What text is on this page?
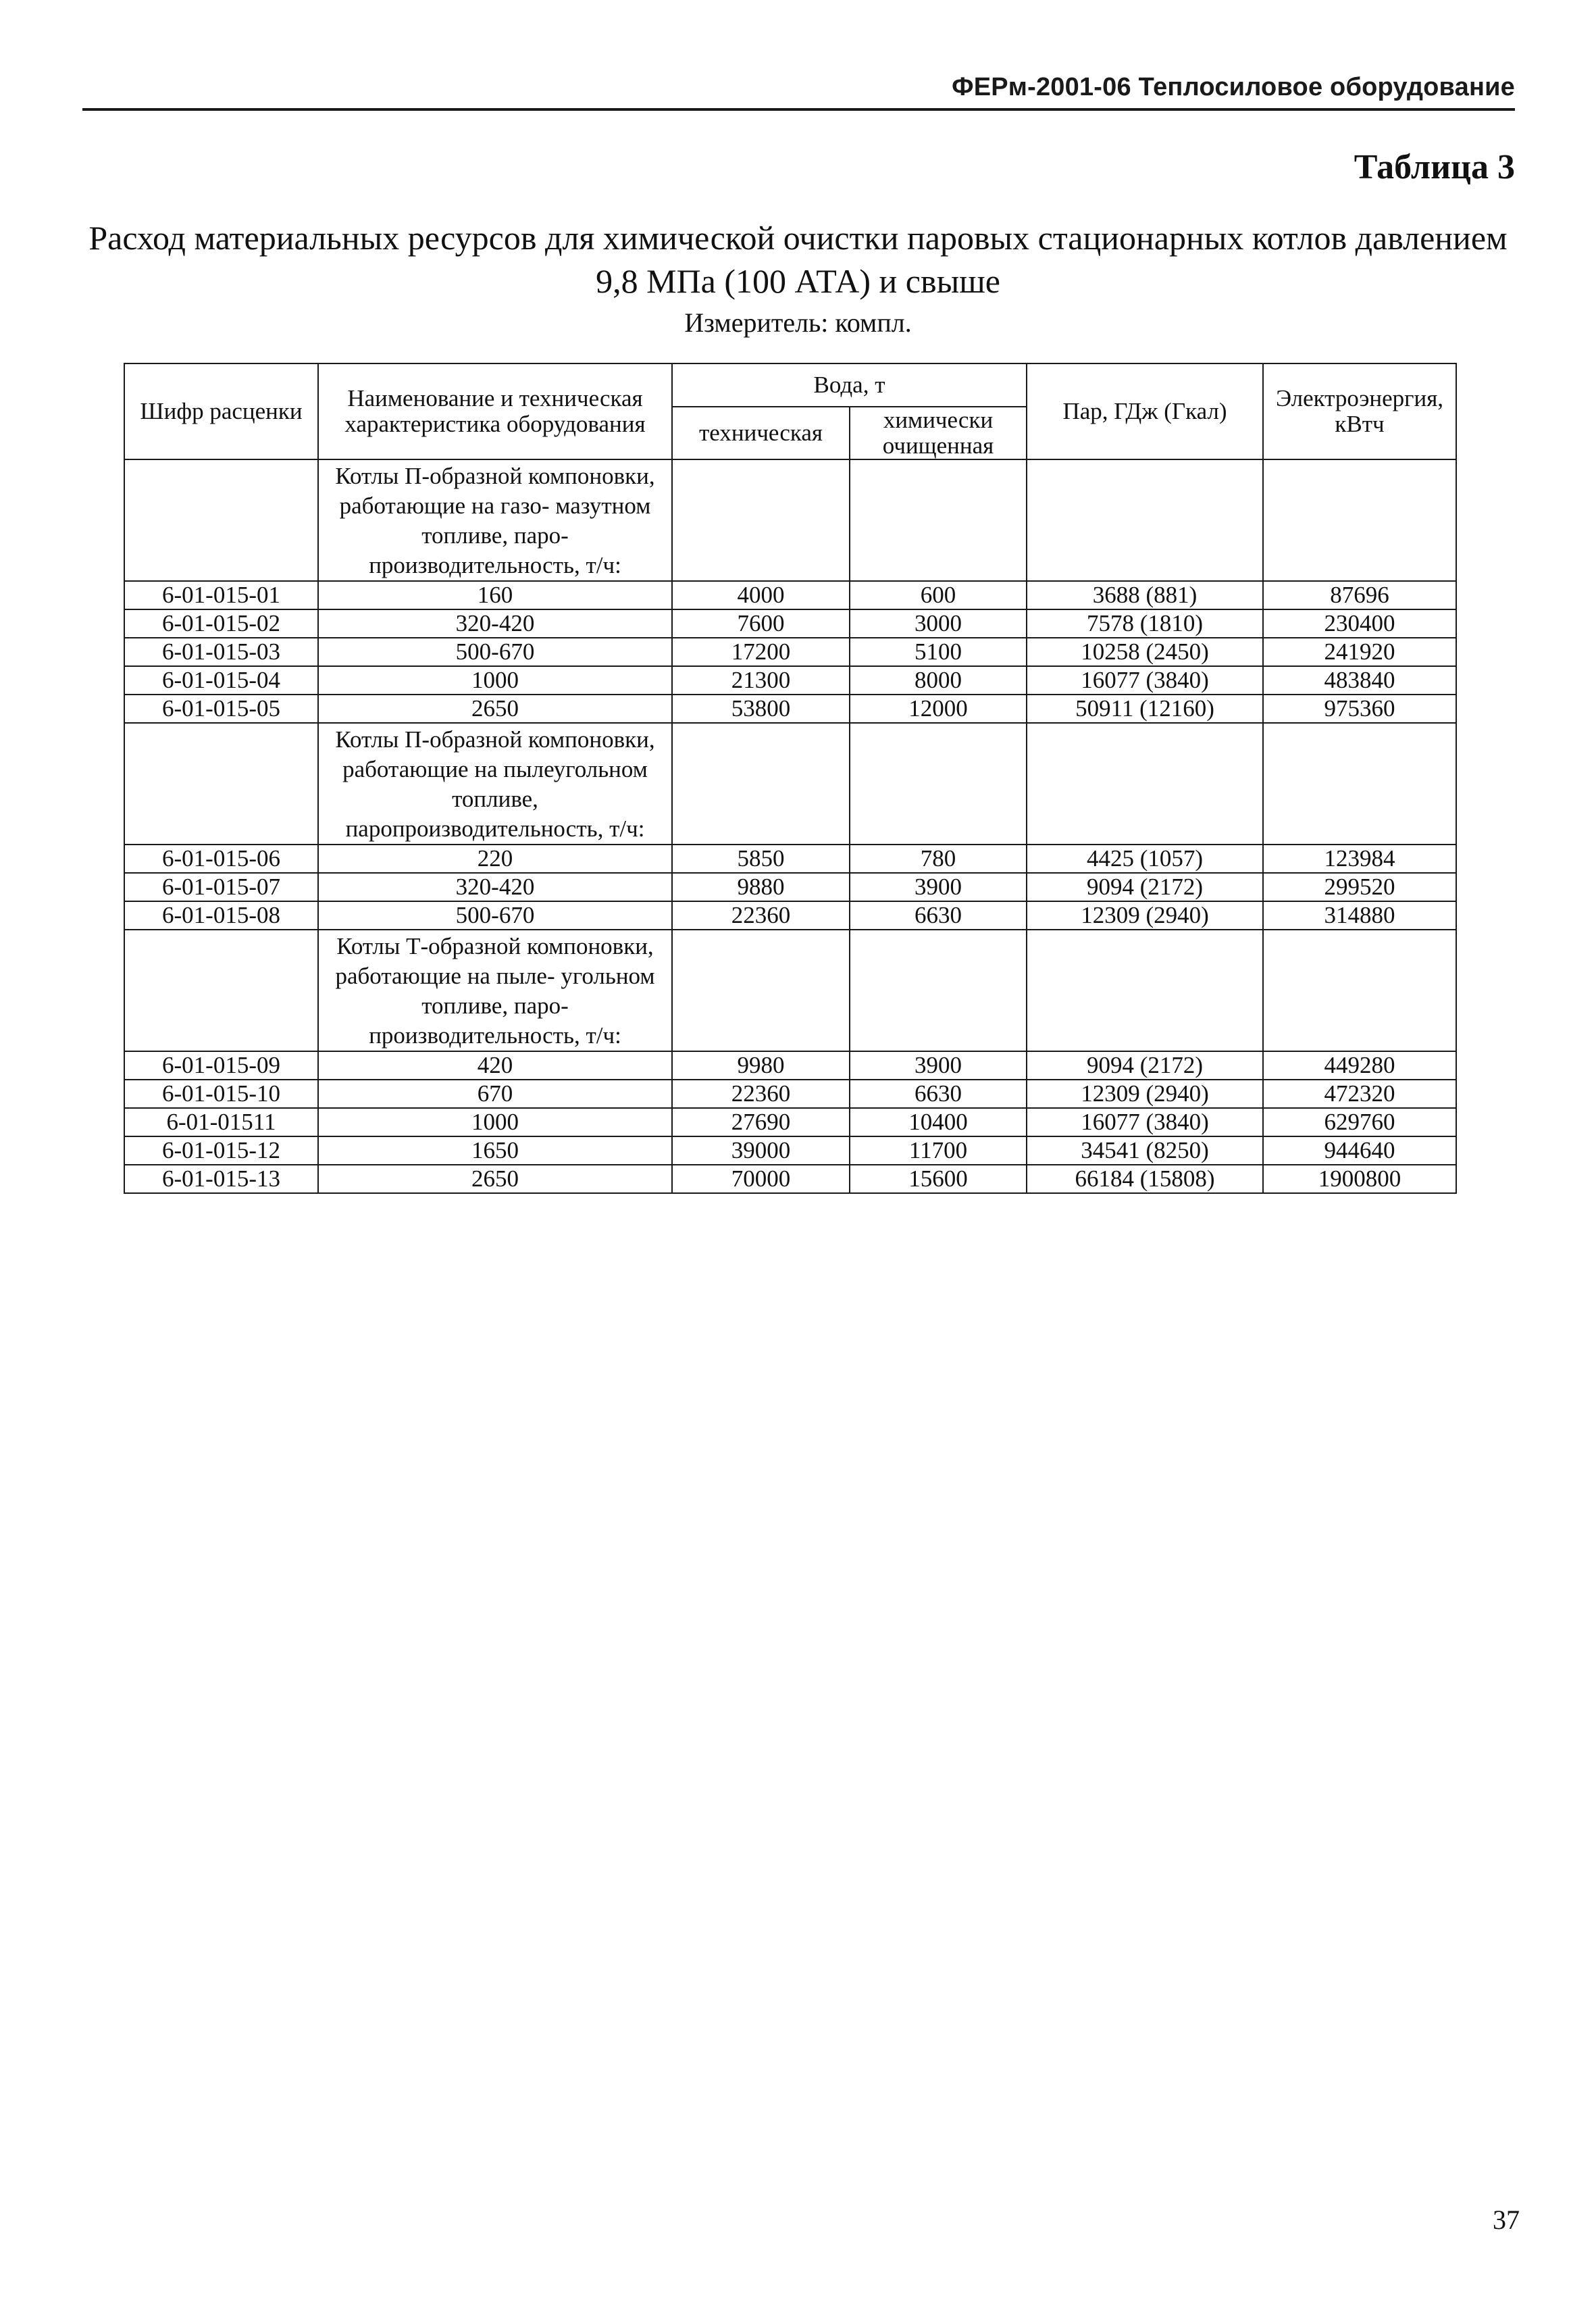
ФЕРм-2001-06 Теплосиловое оборудование
Таблица 3

Расход материальных ресурсов для химической очистки паровых стационарных котлов давлением 9,8 МПа (100 АТА) и свыше

Измеритель: компл.

Шифр расценки	Наименование и техническая характеристика оборудования	Вода, т		Пар, ГДж (Гкал)	Электроэнергия, кВтч
		техническая	химически очищенная		
	Котлы П-образной компоновки, работающие на газо- мазутном топливе, паро- производительность, т/ч:				
6-01-015-01	160	4000	600	3688 (881)	87696
6-01-015-02	320-420	7600	3000	7578 (1810)	230400
6-01-015-03	500-670	17200	5100	10258 (2450)	241920
6-01-015-04	1000	21300	8000	16077 (3840)	483840
6-01-015-05	2650	53800	12000	50911 (12160)	975360
	Котлы П-образной компоновки, работающие на пылеугольном топливе, паропроизводительность, т/ч:				
6-01-015-06	220	5850	780	4425 (1057)	123984
6-01-015-07	320-420	9880	3900	9094 (2172)	299520
6-01-015-08	500-670	22360	6630	12309 (2940)	314880
	Котлы Т-образной компоновки, работающие на пыле- угольном топливе, паро- производительность, т/ч:				
6-01-015-09	420	9980	3900	9094 (2172)	449280
6-01-015-10	670	22360	6630	12309 (2940)	472320
6-01-01511	1000	27690	10400	16077 (3840)	629760
6-01-015-12	1650	39000	11700	34541 (8250)	944640
6-01-015-13	2650	70000	15600	66184 (15808)	1900800
37
